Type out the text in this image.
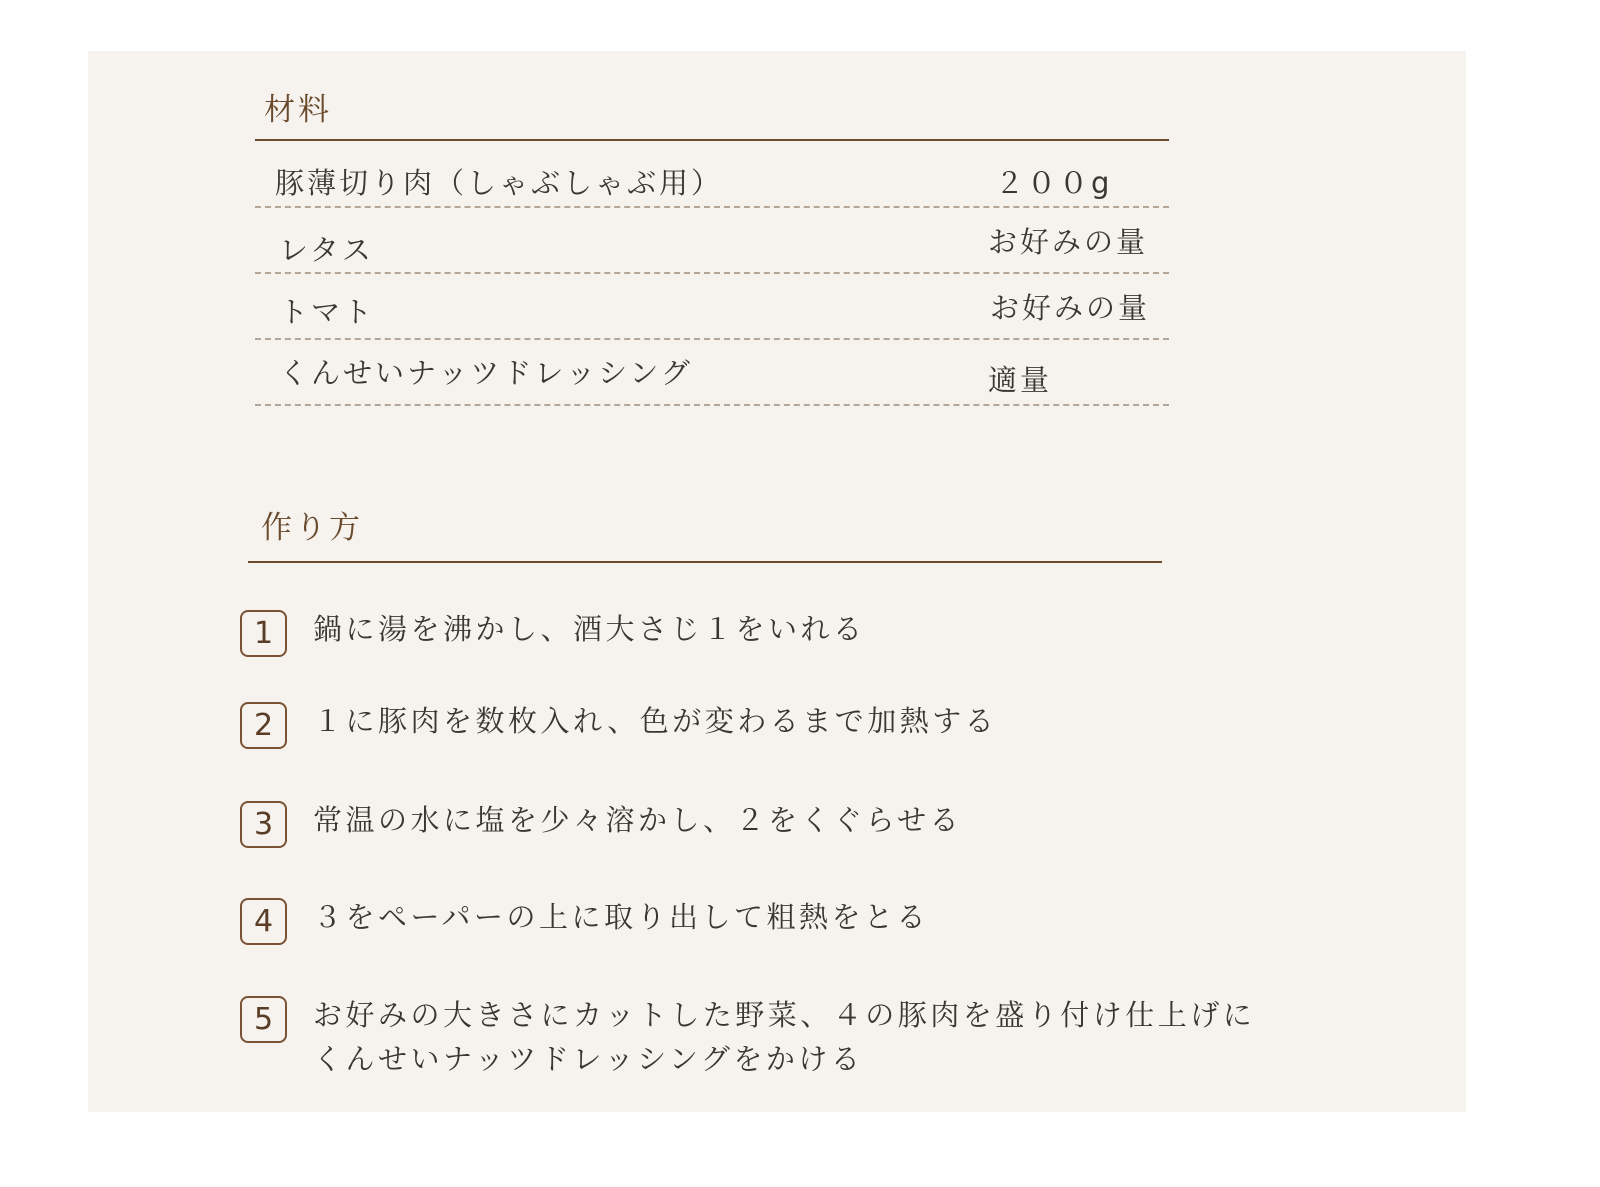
材料
豚薄切り肉（しゃぶしゃぶ用）	２００g
レタス	お好みの量
トマト	お好みの量
くんせいナッツドレッシング	適量
作り方
1	鍋に湯を沸かし、酒大さじ１をいれる
2	１に豚肉を数枚入れ、色が変わるまで加熱する
3	常温の水に塩を少々溶かし、２をくぐらせる
4	３をペーパーの上に取り出して粗熱をとる
5	お好みの大きさにカットした野菜、４の豚肉を盛り付け仕上げに
くんせいナッツドレッシングをかける
